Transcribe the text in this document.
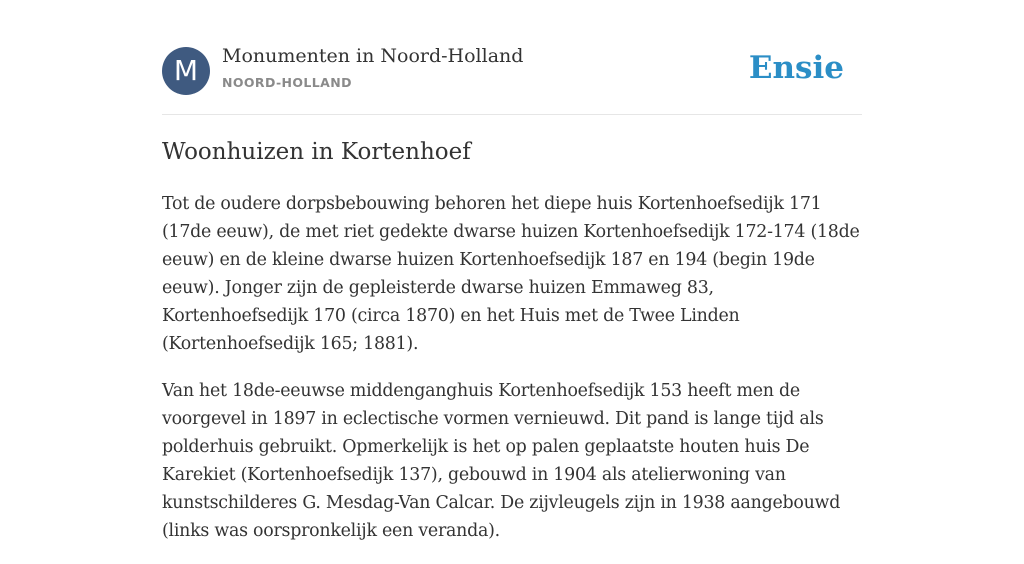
M	Monumenten in Noord-Holland
NOORD-HOLLAND	Ensie
Woonhuizen in Kortenhoef

Tot de oudere dorpsbebouwing behoren het diepe huis Kortenhoefsedijk 171 (17de eeuw), de met riet gedekte dwarse huizen Kortenhoefsedijk 172-174 (18de eeuw) en de kleine dwarse huizen Kortenhoefsedijk 187 en 194 (begin 19de eeuw). Jonger zijn de gepleisterde dwarse huizen Emmaweg 83, Kortenhoefsedijk 170 (circa 1870) en het Huis met de Twee Linden (Kortenhoefsedijk 165; 1881).

Van het 18de-eeuwse middenganghuis Kortenhoefsedijk 153 heeft men de voorgevel in 1897 in eclectische vormen vernieuwd. Dit pand is lange tijd als polderhuis gebruikt. Opmerkelijk is het op palen geplaatste houten huis De Karekiet (Kortenhoefsedijk 137), gebouwd in 1904 als atelierwoning van kunstschilderes G. Mesdag-Van Calcar. De zijvleugels zijn in 1938 aangebouwd (links was oorspronkelijk een veranda).
